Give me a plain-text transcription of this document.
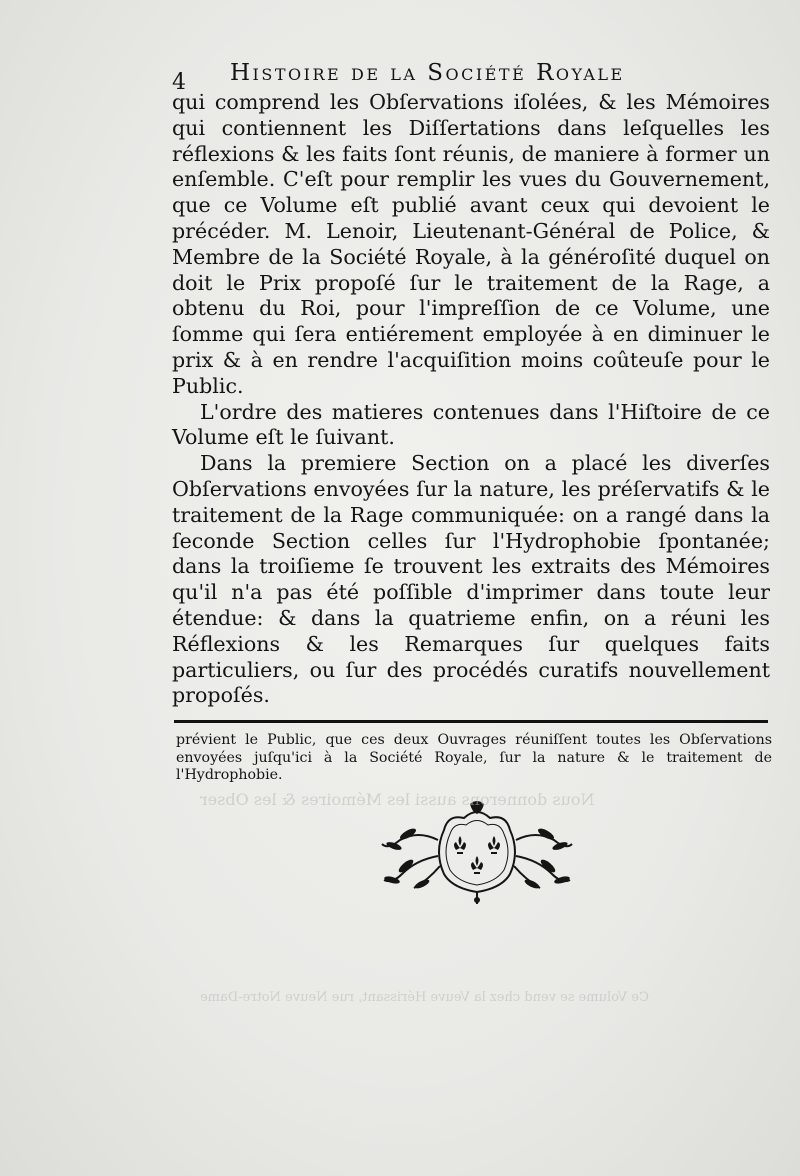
4 Histoire de la Société Royale

qui comprend les Obſervations iſolées, & les Mémoires qui contiennent les Diſſertations dans leſquelles les réflexions & les faits ſont réunis, de maniere à former un enſemble. C'eſt pour remplir les vues du Gouvernement, que ce Volume eſt publié avant ceux qui devoient le précéder. M. Lenoir, Lieutenant-Général de Police, & Membre de la Société Royale, à la généroſité duquel on doit le Prix propoſé ſur le traitement de la Rage, a obtenu du Roi, pour l'impreſſion de ce Volume, une ſomme qui ſera entiérement employée à en diminuer le prix & à en rendre l'acquiſition moins coûteuſe pour le Public.

L'ordre des matieres contenues dans l'Hiſtoire de ce Volume eſt le ſuivant.

Dans la premiere Section on a placé les diverſes Obſervations envoyées ſur la nature, les préſervatifs & le traitement de la Rage communiquée: on a rangé dans la ſeconde Section celles ſur l'Hydrophobie ſpontanée; dans la troiſieme ſe trouvent les extraits des Mémoires qu'il n'a pas été poſſible d'imprimer dans toute leur étendue: & dans la quatrieme enfin, on a réuni les Réflexions & les Remarques ſur quelques faits particuliers, ou ſur des procédés curatifs nouvellement propoſés.

prévient le Public, que ces deux Ouvrages réuniſſent toutes les Obſervations envoyées juſqu'ici à la Société Royale, ſur la nature & le traitement de l'Hydrophobie.
Nous donnerons aussi les Mémoires & les Obser
Ce Volume se vend chez la Veuve Hérissant, rue Neuve Notre-Dame
